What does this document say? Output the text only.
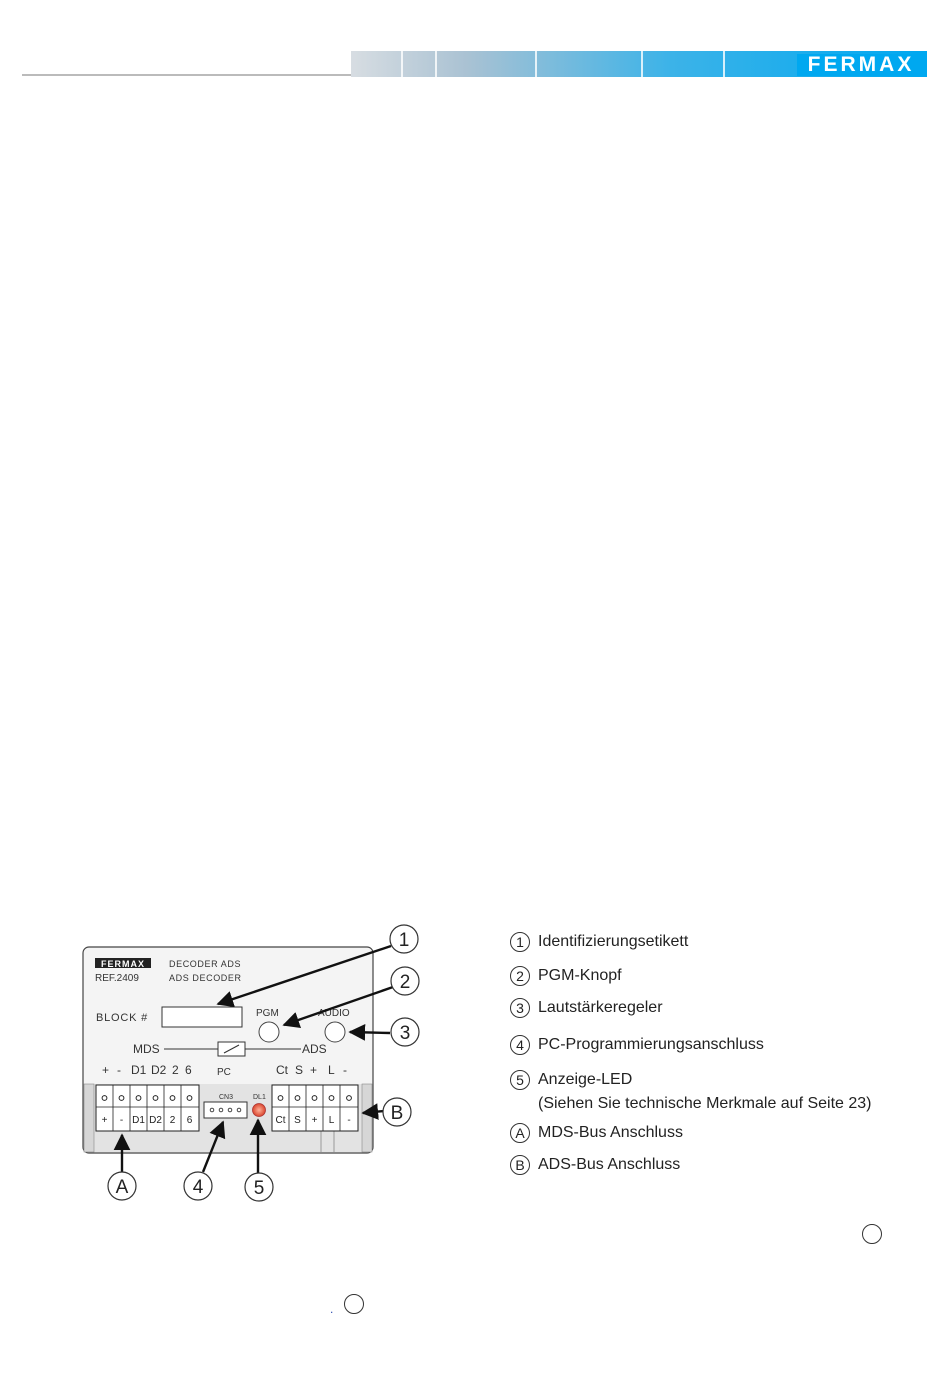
FERMAX
FERMAX
REF.2409
DECODER ADS
ADS DECODER
BLOCK #	PGM	AUDIO
MDS	ADS
+ - D1 D2 2 6	PC	Ct S + L -
+ - D1 D2 2 6
CN3	DL1
Ct S + L -
1
2
3
A	4	5
B
1 Identifizierungsetikett
2 PGM-Knopf
3 Lautstärkeregeler
4 PC-Programmierungsanschluss
5 Anzeige-LED
(Siehen Sie technische Merkmale auf Seite 23)
A MDS-Bus Anschluss
B ADS-Bus Anschluss
.
